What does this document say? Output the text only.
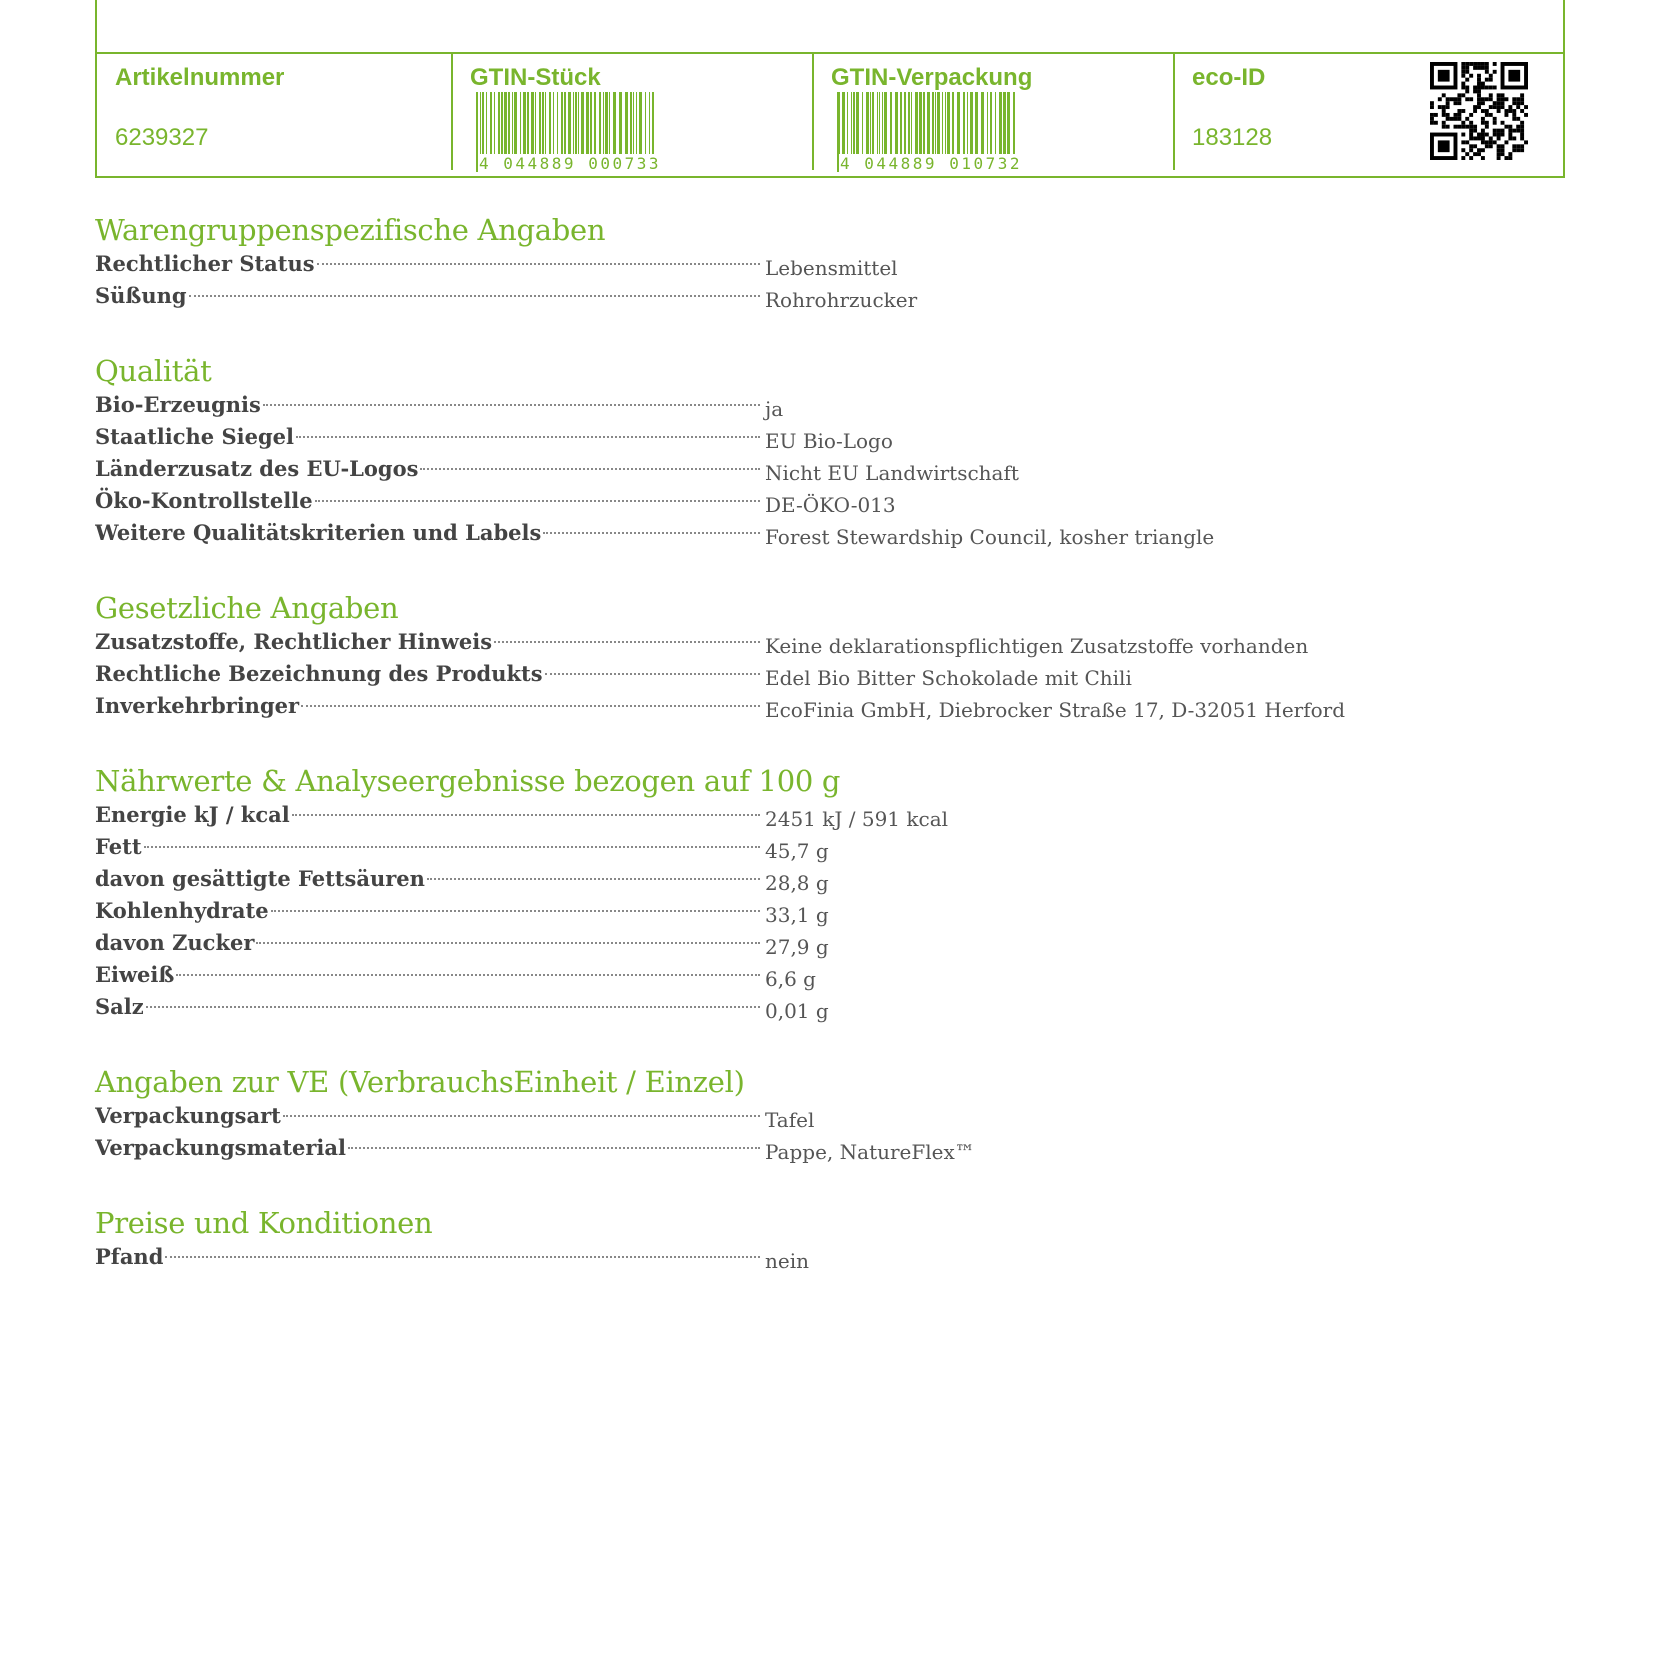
Artikelnummer
6239327
GTIN-Stück
4 044889 000733
GTIN-Verpackung
4 044889 010732
eco-ID
183128
Warengruppenspezifische Angaben
Rechtlicher Status	Lebensmittel
Süßung	Rohrohrzucker
Qualität
Bio-Erzeugnis	ja
Staatliche Siegel	EU Bio-Logo
Länderzusatz des EU-Logos	Nicht EU Landwirtschaft
Öko-Kontrollstelle	DE-ÖKO-013
Weitere Qualitätskriterien und Labels	Forest Stewardship Council, kosher triangle
Gesetzliche Angaben
Zusatzstoffe, Rechtlicher Hinweis	Keine deklarationspflichtigen Zusatzstoffe vorhanden
Rechtliche Bezeichnung des Produkts	Edel Bio Bitter Schokolade mit Chili
Inverkehrbringer	EcoFinia GmbH, Diebrocker Straße 17, D-32051 Herford
Nährwerte & Analyseergebnisse bezogen auf 100 g
Energie kJ / kcal	2451 kJ / 591 kcal
Fett	45,7 g
davon gesättigte Fettsäuren	28,8 g
Kohlenhydrate	33,1 g
davon Zucker	27,9 g
Eiweiß	6,6 g
Salz	0,01 g
Angaben zur VE (VerbrauchsEinheit / Einzel)
Verpackungsart	Tafel
Verpackungsmaterial	Pappe, NatureFlex™
Preise und Konditionen
Pfand	nein
